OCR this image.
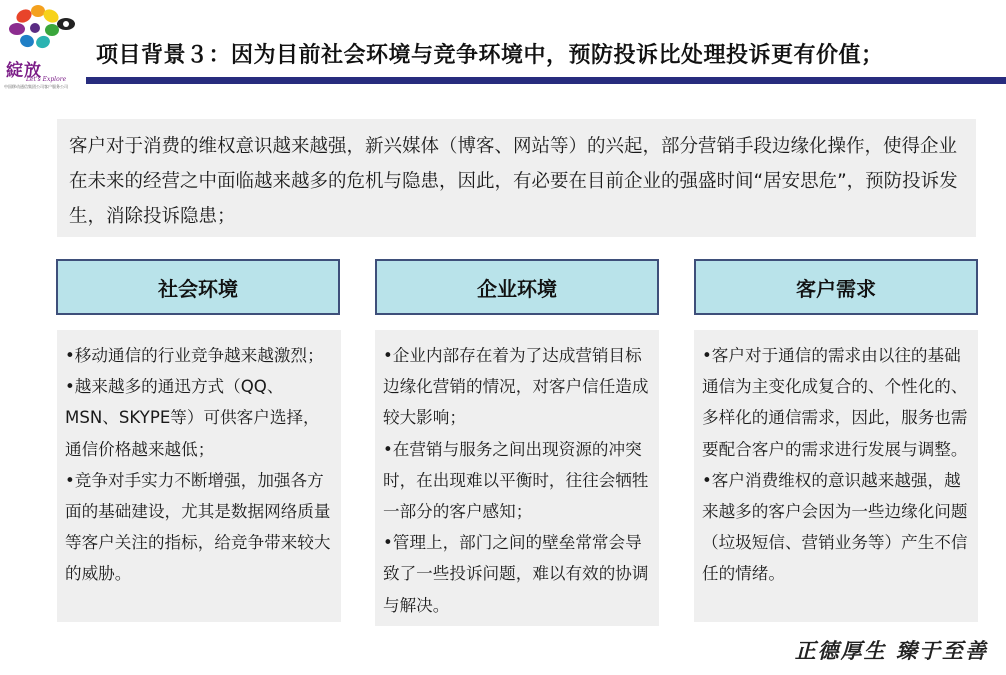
綻放
Let's Explore
中国移动通信集团公司客户服务公司
项目背景３：因为目前社会环境与竞争环境中，预防投诉比处理投诉更有价值；
客户对于消费的维权意识越来越强，新兴媒体（博客、网站等）的兴起，部分营销手段边缘化操作，使得企业在未来的经营之中面临越来越多的危机与隐患，因此，有必要在目前企业的强盛时间“居安思危”，预防投诉发生，消除投诉隐患；
社会环境
•移动通信的行业竞争越来越激烈；
•越来越多的通迅方式（QQ、MSN、SKYPE等）可供客户选择，通信价格越来越低；
•竞争对手实力不断增强，加强各方面的基础建设，尤其是数据网络质量等客户关注的指标，给竞争带来较大的威胁。
企业环境
•企业内部存在着为了达成营销目标边缘化营销的情况，对客户信任造成较大影响；
•在营销与服务之间出现资源的冲突时，在出现难以平衡时，往往会牺牲一部分的客户感知；
•管理上，部门之间的壁垒常常会导致了一些投诉问题，难以有效的协调与解决。
客户需求
•客户对于通信的需求由以往的基础通信为主变化成复合的、个性化的、多样化的通信需求，因此，服务也需要配合客户的需求进行发展与调整。
•客户消费维权的意识越来越强，越来越多的客户会因为一些边缘化问题（垃圾短信、营销业务等）产生不信任的情绪。
正德厚生 臻于至善
